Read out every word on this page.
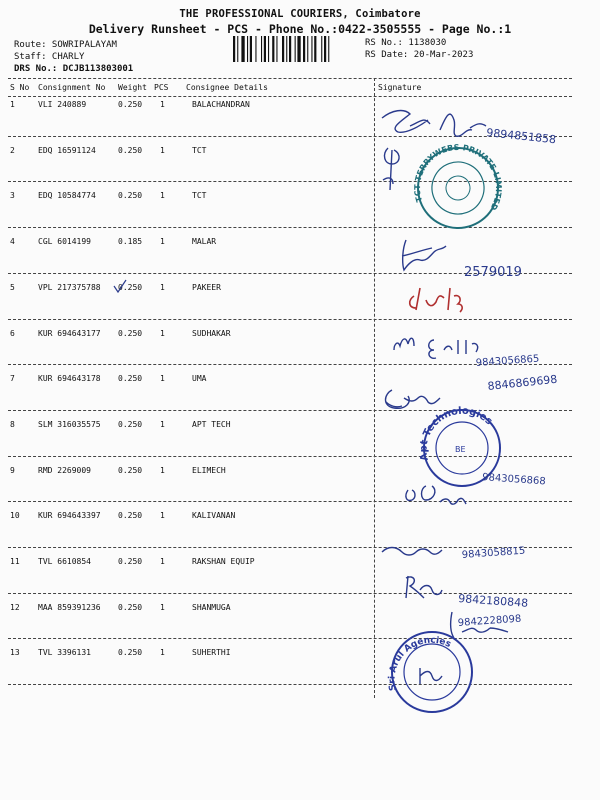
THE PROFESSIONAL COURIERS, Coimbatore
Delivery Runsheet - PCS - Phone No.:0422-3505555 - Page No.:1
Route: SOWRIPALAYAM
Staff: CHARLY
DRS No.: DCJB113803001
RS No.: 1138030
RS Date: 20-Mar-2023
S No Consignment No Weight PCS Consignee Details	Signature
1	VLI 240889	0.250 1	BALACHANDRAN
2	EDQ 16591124	0.250 1	TCT
3	EDQ 10584774	0.250 1	TCT
4	CGL 6014199	0.185 1	MALAR
5	VPL 217375788 0.250 1	PAKEER
6	KUR 694643177 0.250 1	SUDHAKAR
7	KUR 694643178 0.250 1	UMA
8	SLM 316035575 0.250 1	APT TECH
9	RMD 2269009	0.250 1	ELIMECH
10 KUR 694643397 0.250 1	KALIVANAN
11 TVL 6610854	0.250 1	RAKSHAN EQUIP
12 MAA 859391236 0.250 1	SHANMUGA
13 TVL 3396131	0.250 1	SUHERTHI
9894851858
TCT TERRYWEBS PRIVATE LIMITED
2579019
9843056865
8846869698
Apt Technologies
BE
9843056868
9843058815
9842180848
9842228098
Sri Arul Agencies
